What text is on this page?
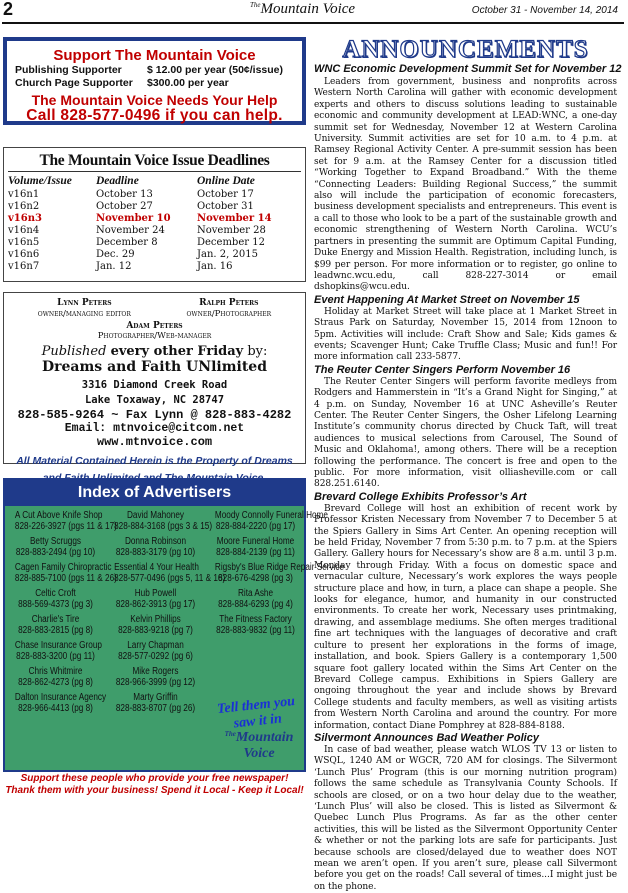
2	$^{The}$Mountain Voice	October 31 - November 14, 2014
Support The Mountain Voice
Publishing Supporter $ 12.00 per year (50¢/issue)
Church Page Supporter $300.00 per year
The Mountain Voice Needs Your Help
Call 828-577-0496 if you can help.
The Mountain Voice Issue Deadlines
Volume/Issue	Deadline	Online Date
v16n1	October 13	October 17
v16n2	October 27	October 31
v16n3	November 10	November 14
v16n4	November 24	November 28
v16n5	December 8	December 12
v16n6	Dec. 29	Jan. 2, 2015
v16n7	Jan. 12	Jan. 16
Lynn Peters
owner/managing editor
Ralph Peters
owner/Photographer
Adam Peters
Photographer/Web-manager
Published every other Friday by:
Dreams and Faith UNlimited
3316 Diamond Creek Road
Lake Toxaway, NC 28747
828-585-9264 ~ Fax Lynn @ 828-883-4282
Email: mtnvoice@citcom.net
www.mtnvoice.com
All Material Contained Herein is the Property of Dreams
Index of Advertisers
A Cut Above Knife Shop
828-226-3927 (pgs 11 & 17)
David Mahoney
828-884-3168 (pgs 3 & 15)
Moody Connolly Funeral Home
828-884-2220 (pg 17)
Betty Scruggs
828-883-2494 (pg 10)
Donna Robinson
828-883-3179 (pg 10)
Moore Funeral Home
828-884-2139 (pg 11)
Cagen Family Chiropractic
828-885-7100 (pgs 11 & 26)
Essential 4 Your Health
828-577-0496 (pgs 5, 11 & 16)
Rigsby's Blue Ridge Repair Service
828-676-4298 (pg 3)
Celtic Croft
888-569-4373 (pg 3)
Hub Powell
828-862-3913 (pg 17)
Rita Ashe
828-884-6293 (pg 4)
Charlie's Tire
828-883-2815 (pg 8)
Kelvin Phillips
828-883-9218 (pg 7)
The Fitness Factory
828-883-9832 (pg 11)
Chase Insurance Group
828-883-3200 (pg 11)
Larry Chapman
828-577-0292 (pg 6)
Chris Whitmire
828-862-4273 (pg 8)
Mike Rogers
828-966-3999 (pg 12)
Dalton Insurance Agency
828-966-4413 (pg 8)
Marty Griffin
828-883-8707 (pg 26)	Tell them you saw it in
$^{The}$Mountain Voice
Support these people who provide your free newspaper!
Thank them with your business! Spend it Local - Keep it Local!
ANNOUNCEMENTS
WNC Economic Development Summit Set for November 12
Leaders from government, business and nonprofits across Western North Carolina will gather with economic development experts and others to discuss solutions leading to sustainable economic and community development at LEAD:WNC, a one-day summit set for Wednesday, November 12 at Western Carolina University. Summit activities are set for 10 a.m. to 4 p.m. at Ramsey Regional Activity Center. A pre-summit session has been set for 9 a.m. at the Ramsey Center for a discussion titled “Working Together to Expand Broadband.” With the theme “Connecting Leaders: Building Regional Success,” the summit also will include the participation of economic forecasters, business development specialists and entrepreneurs. This event is a call to those who look to be a part of the sustainable growth and economic strengthening of Western North Carolina. WCU’s partners in presenting the summit are Optimum Capital Funding, Duke Energy and Mission Health. Registration, including lunch, is $99 per person. For more information or to register, go online to leadwnc.wcu.edu, call 828-227-3014 or email dshopkins@wcu.edu.
Event Happening At Market Street on November 15
Holiday at Market Street will take place at 1 Market Street in Straus Park on Saturday, November 15, 2014 from 12noon to 5pm. Activities will include: Craft Show and Sale; Kids games & events; Scavenger Hunt; Cake Truffle Class; Music and fun!! For more information call 233-5877.
The Reuter Center Singers Perform November 16
The Reuter Center Singers will perform favorite medleys from Rodgers and Hammerstein in “It’s a Grand Night for Singing,” at 4 p.m. on Sunday, November 16 at UNC Asheville’s Reuter Center. The Reuter Center Singers, the Osher Lifelong Learning Institute’s community chorus directed by Chuck Taft, will treat audiences to musical selections from Carousel, The Sound of Music and Oklahoma!, among others. There will be a reception following the performance. The concert is free and open to the public. For more information, visit olliasheville.com or call 828.251.6140.
Brevard College Exhibits Professor’s Art
Brevard College will host an exhibition of recent work by Professor Kristen Necessary from November 7 to December 5 at the Spiers Gallery in Sims Art Center. An opening reception will be held Friday, November 7 from 5:30 p.m. to 7 p.m. at the Spiers Gallery. Gallery hours for Necessary’s show are 8 a.m. until 3 p.m. Monday through Friday. With a focus on domestic space and vernacular culture, Necessary’s work explores the ways people structure place and how, in turn, a place can shape a people. She looks for elegance, humor, and humanity in our constructed environments. To create her work, Necessary uses printmaking, drawing, and assemblage mediums. She often merges traditional fine art techniques with the languages of decorative and craft culture to present her explorations in the forms of image, installation, and book. Spiers Gallery is a contemporary 1,500 square foot gallery located within the Sims Art Center on the Brevard College campus. Exhibitions in Spiers Gallery are ongoing throughout the year and include shows by Brevard College students and faculty members, as well as visiting artists from Western North Carolina and around the country. For more information, contact Diane Pomphrey at 828-884-8188.
Silvermont Announces Bad Weather Policy
In case of bad weather, please watch WLOS TV 13 or listen to WSQL, 1240 AM or WGCR, 720 AM for closings. The Silvermont ‘Lunch Plus’ Program (this is our morning nutrition program) follows the same schedule as Transylvania County Schools. If schools are closed, or on a two hour delay due to the weather, ‘Lunch Plus’ will also be closed. This is listed as Silvermont & Quebec Lunch Plus Programs. As far as the other center activities, this will be listed as the Silvermont Opportunity Center & whether or not the parking lots are safe for participants. Just because schools are closed/delayed due to weather does NOT mean we aren’t open. If you aren’t sure, please call Silvermont before you get on the roads! Call several of times...I might just be on the phone.
